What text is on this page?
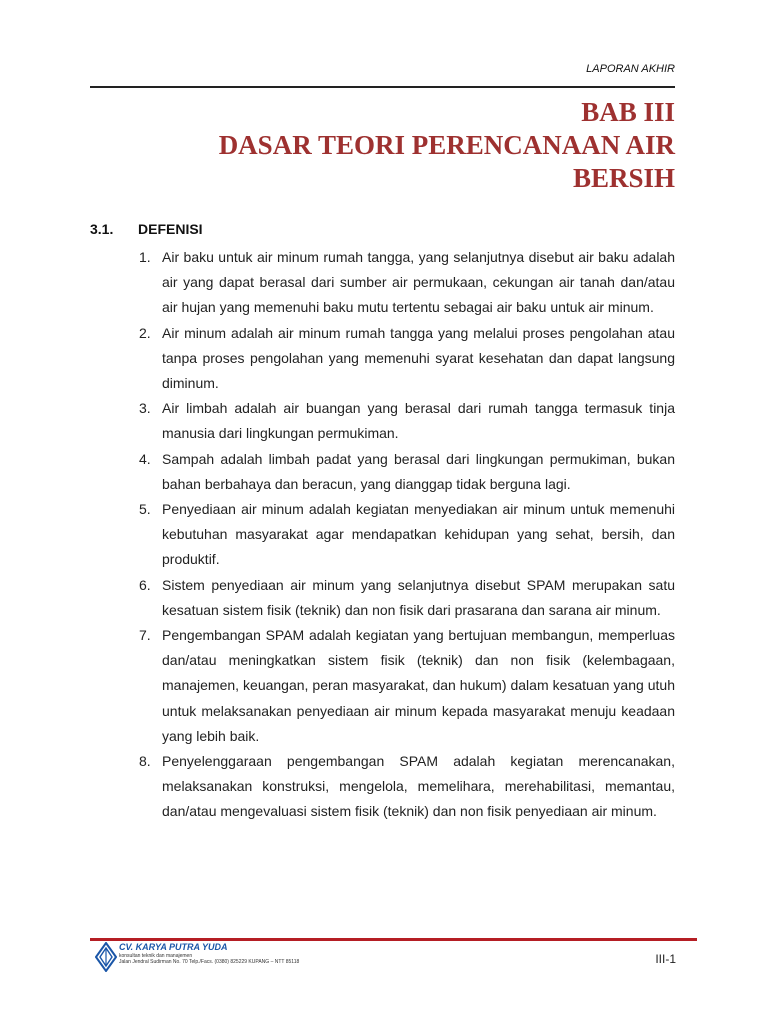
LAPORAN AKHIR
BAB III
DASAR TEORI PERENCANAAN AIR
BERSIH
3.1. DEFENISI
1. Air baku untuk air minum rumah tangga, yang selanjutnya disebut air baku adalah air yang dapat berasal dari sumber air permukaan, cekungan air tanah dan/atau air hujan yang memenuhi baku mutu tertentu sebagai air baku untuk air minum.
2. Air minum adalah air minum rumah tangga yang melalui proses pengolahan atau tanpa proses pengolahan yang memenuhi syarat kesehatan dan dapat langsung diminum.
3. Air limbah adalah air buangan yang berasal dari rumah tangga termasuk tinja manusia dari lingkungan permukiman.
4. Sampah adalah limbah padat yang berasal dari lingkungan permukiman, bukan bahan berbahaya dan beracun, yang dianggap tidak berguna lagi.
5. Penyediaan air minum adalah kegiatan menyediakan air minum untuk memenuhi kebutuhan masyarakat agar mendapatkan kehidupan yang sehat, bersih, dan produktif.
6. Sistem penyediaan air minum yang selanjutnya disebut SPAM merupakan satu kesatuan sistem fisik (teknik) dan non fisik dari prasarana dan sarana air minum.
7. Pengembangan SPAM adalah kegiatan yang bertujuan membangun, memperluas dan/atau meningkatkan sistem fisik (teknik) dan non fisik (kelembagaan, manajemen, keuangan, peran masyarakat, dan hukum) dalam kesatuan yang utuh untuk melaksanakan penyediaan air minum kepada masyarakat menuju keadaan yang lebih baik.
8. Penyelenggaraan pengembangan SPAM adalah kegiatan merencanakan, melaksanakan konstruksi, mengelola, memelihara, merehabilitasi, memantau, dan/atau mengevaluasi sistem fisik (teknik) dan non fisik penyediaan air minum.
CV. KARYA PUTRA YUDA
konsultan teknik dan manajemen
Jalan Jendral Sudirman No. 70 Telp./Facs. (0380) 825229 KUPANG – NTT 85118	III-1
